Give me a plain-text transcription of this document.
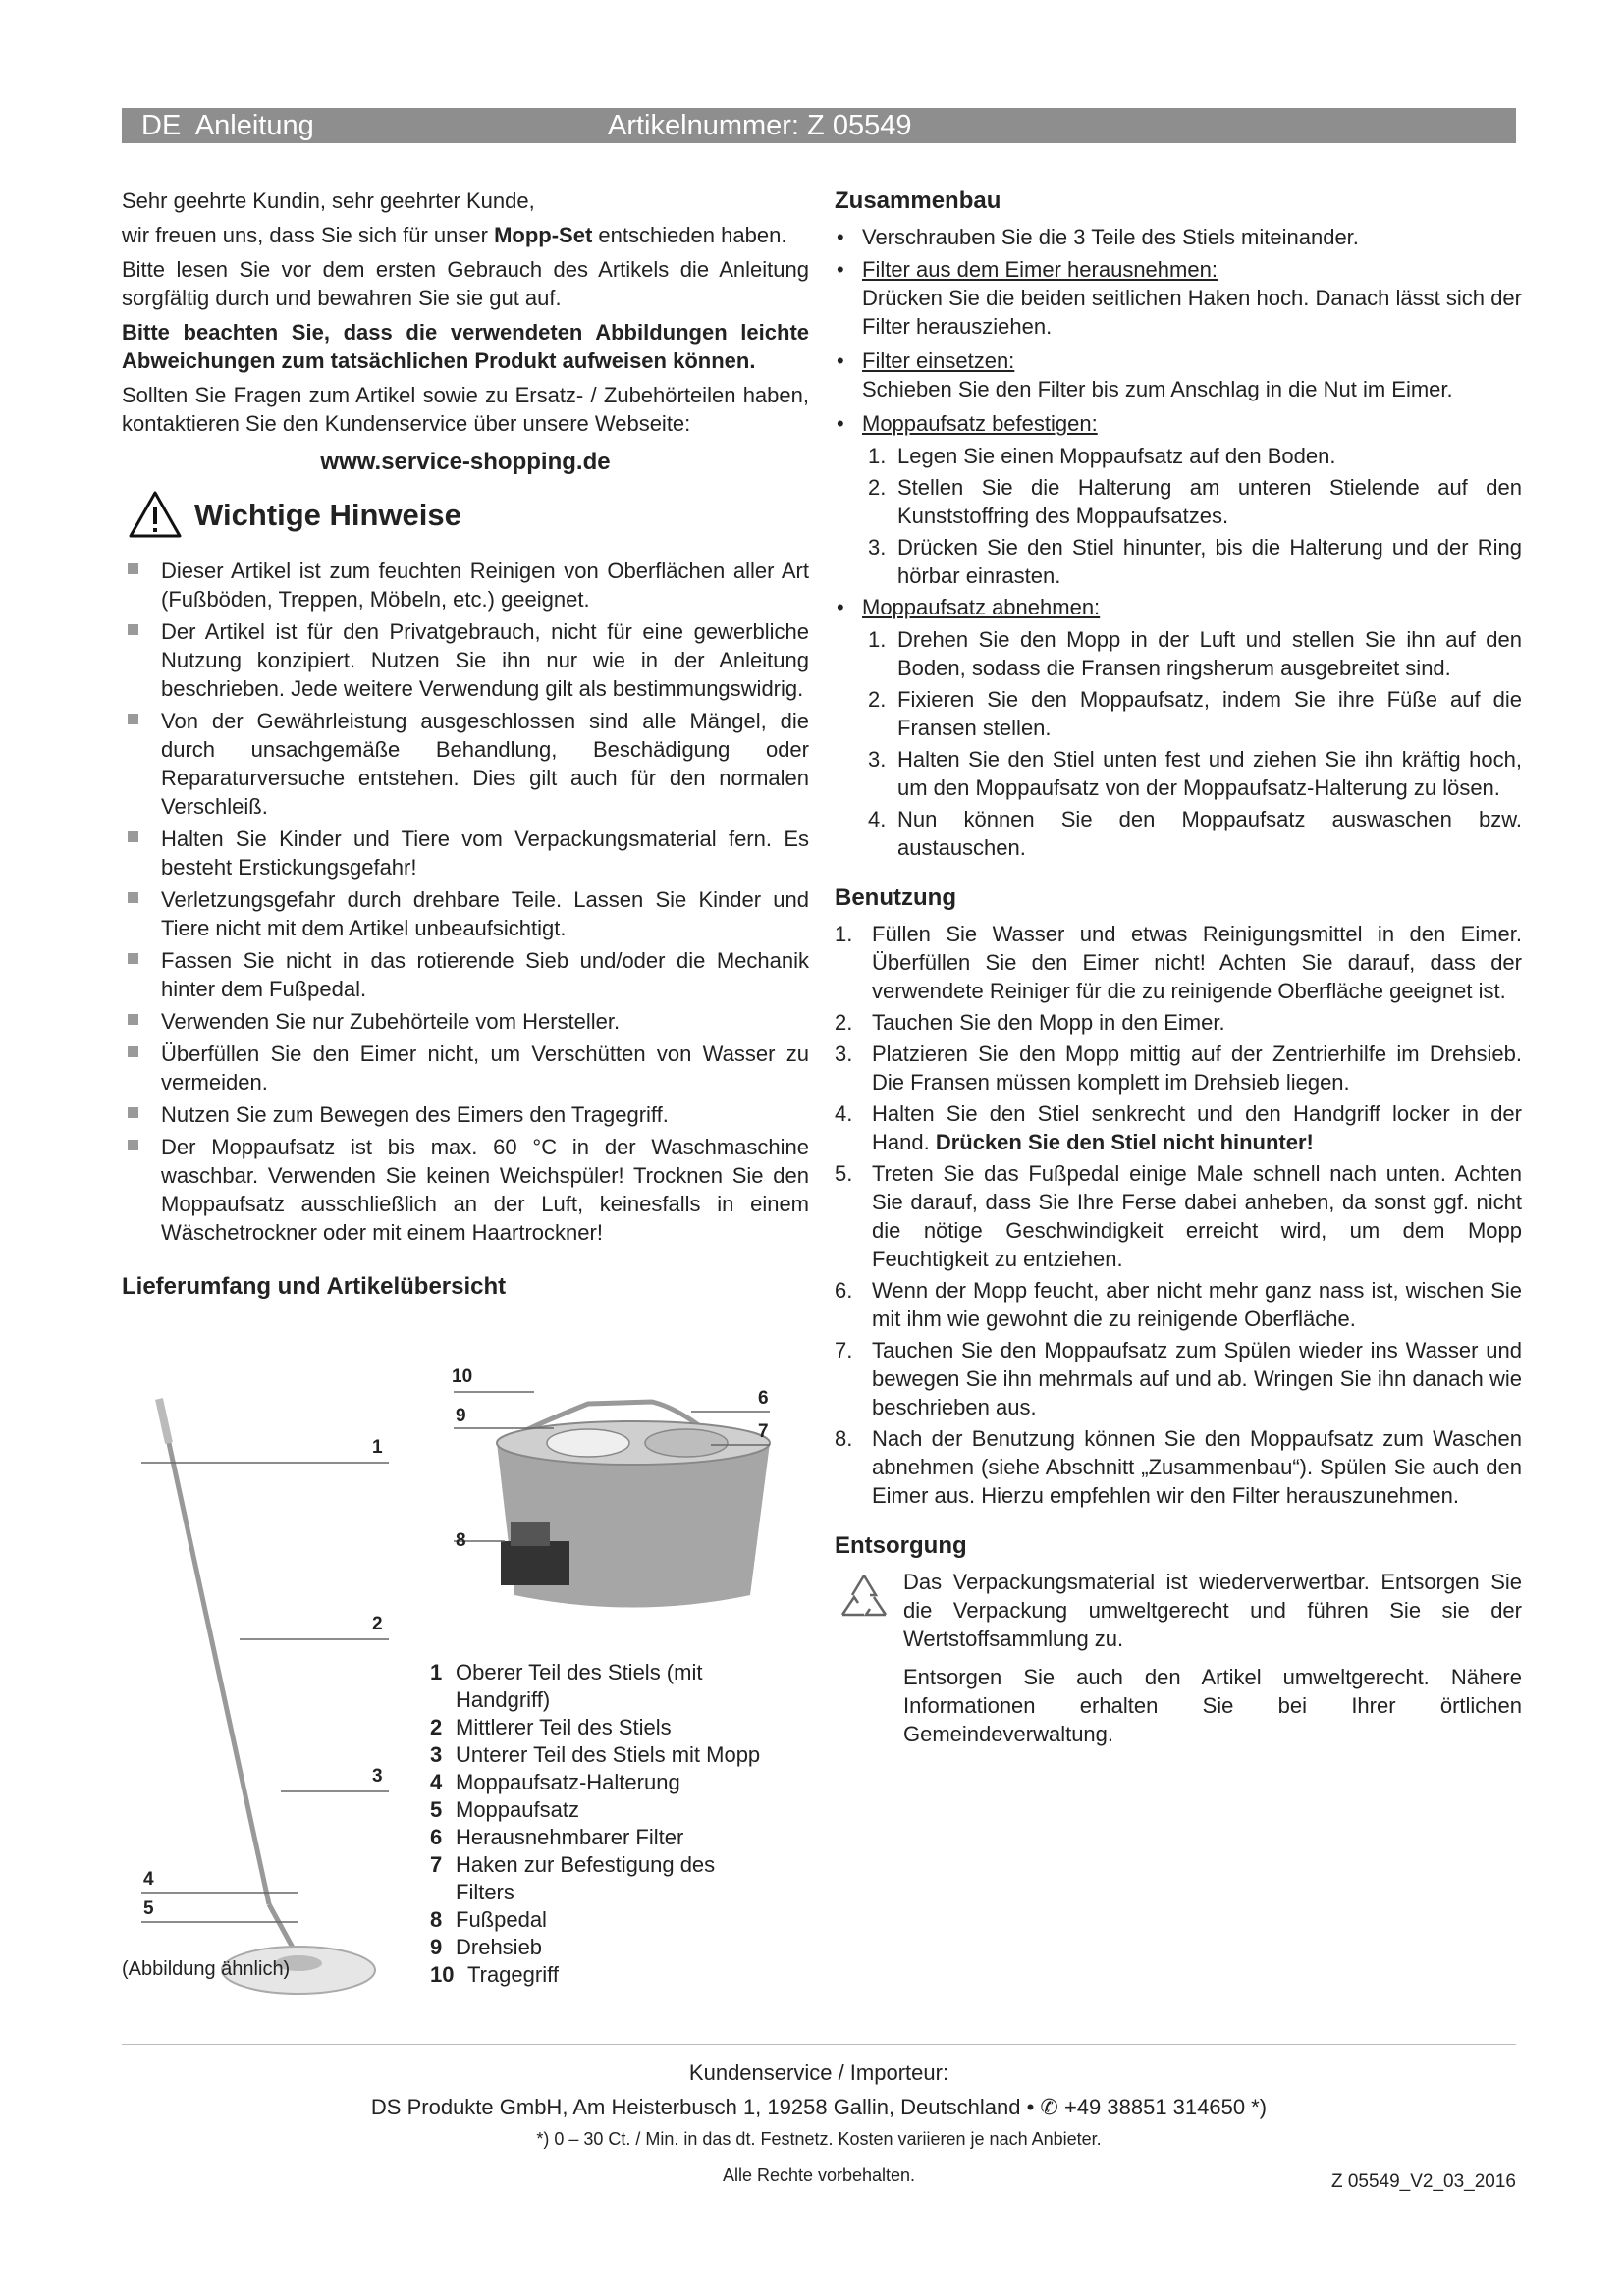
DE  Anleitung	Artikelnummer: Z 05549

Sehr geehrte Kundin, sehr geehrter Kunde,

wir freuen uns, dass Sie sich für unser Mopp-Set entschieden haben.

Bitte lesen Sie vor dem ersten Gebrauch des Artikels die Anleitung sorgfältig durch und bewahren Sie sie gut auf.

Bitte beachten Sie, dass die verwendeten Abbildungen leichte Abweichungen zum tatsächlichen Produkt aufweisen können.

Sollten Sie Fragen zum Artikel sowie zu Ersatz- / Zubehörteilen haben, kontaktieren Sie den Kundenservice über unsere Webseite:

www.service-shopping.de
Wichtige Hinweise
Dieser Artikel ist zum feuchten Reinigen von Oberflächen aller Art (Fußböden, Treppen, Möbeln, etc.) geeignet.
Der Artikel ist für den Privatgebrauch, nicht für eine gewerbliche Nutzung konzipiert. Nutzen Sie ihn nur wie in der Anleitung beschrieben. Jede weitere Verwendung gilt als bestimmungswidrig.
Von der Gewährleistung ausgeschlossen sind alle Mängel, die durch unsachgemäße Behandlung, Beschädigung oder Reparaturversuche entstehen. Dies gilt auch für den normalen Verschleiß.
Halten Sie Kinder und Tiere vom Verpackungsmaterial fern. Es besteht Erstickungsgefahr!
Verletzungsgefahr durch drehbare Teile. Lassen Sie Kinder und Tiere nicht mit dem Artikel unbeaufsichtigt.
Fassen Sie nicht in das rotierende Sieb und/oder die Mechanik hinter dem Fußpedal.
Verwenden Sie nur Zubehörteile vom Hersteller.
Überfüllen Sie den Eimer nicht, um Verschütten von Wasser zu vermeiden.
Nutzen Sie zum Bewegen des Eimers den Tragegriff.
Der Moppaufsatz ist bis max. 60 °C in der Waschmaschine waschbar. Verwenden Sie keinen Weichspüler! Trocknen Sie den Moppaufsatz ausschließlich an der Luft, keinesfalls in einem Wäschetrockner oder mit einem Haartrockner!
Lieferumfang und Artikelübersicht
1
2
3
4
5
6
7
8
9
10
(Abbildung ähnlich)
1 Oberer Teil des Stiels (mit Handgriff)
2 Mittlerer Teil des Stiels
3 Unterer Teil des Stiels mit Mopp
4 Moppaufsatz-Halterung
5 Moppaufsatz
6 Herausnehmbarer Filter
7 Haken zur Befestigung des Filters
8 Fußpedal
9 Drehsieb
10 Tragegriff
Zusammenbau
• Verschrauben Sie die 3 Teile des Stiels miteinander.
• Filter aus dem Eimer herausnehmen:

Drücken Sie die beiden seitlichen Haken hoch. Danach lässt sich der Filter herausziehen.

• Filter einsetzen:

Schieben Sie den Filter bis zum Anschlag in die Nut im Eimer.

• Moppaufsatz befestigen:
1. Legen Sie einen Moppaufsatz auf den Boden.
2. Stellen Sie die Halterung am unteren Stielende auf den Kunststoffring des Moppaufsatzes.
3. Drücken Sie den Stiel hinunter, bis die Halterung und der Ring hörbar einrasten.
• Moppaufsatz abnehmen:
1. Drehen Sie den Mopp in der Luft und stellen Sie ihn auf den Boden, sodass die Fransen ringsherum ausgebreitet sind.
2. Fixieren Sie den Moppaufsatz, indem Sie ihre Füße auf die Fransen stellen.
3. Halten Sie den Stiel unten fest und ziehen Sie ihn kräftig hoch, um den Moppaufsatz von der Moppaufsatz-Halterung zu lösen.
4. Nun können Sie den Moppaufsatz auswaschen bzw. austauschen.
Benutzung
1. Füllen Sie Wasser und etwas Reinigungsmittel in den Eimer. Überfüllen Sie den Eimer nicht! Achten Sie darauf, dass der verwendete Reiniger für die zu reinigende Oberfläche geeignet ist.
2. Tauchen Sie den Mopp in den Eimer.
3. Platzieren Sie den Mopp mittig auf der Zentrierhilfe im Drehsieb. Die Fransen müssen komplett im Drehsieb liegen.
4. Halten Sie den Stiel senkrecht und den Handgriff locker in der Hand. Drücken Sie den Stiel nicht hinunter!
5. Treten Sie das Fußpedal einige Male schnell nach unten. Achten Sie darauf, dass Sie Ihre Ferse dabei anheben, da sonst ggf. nicht die nötige Geschwindigkeit erreicht wird, um dem Mopp Feuchtigkeit zu entziehen.
6. Wenn der Mopp feucht, aber nicht mehr ganz nass ist, wischen Sie mit ihm wie gewohnt die zu reinigende Oberfläche.
7. Tauchen Sie den Moppaufsatz zum Spülen wieder ins Wasser und bewegen Sie ihn mehrmals auf und ab. Wringen Sie ihn danach wie beschrieben aus.
8. Nach der Benutzung können Sie den Moppaufsatz zum Waschen abnehmen (siehe Abschnitt „Zusammenbau“). Spülen Sie auch den Eimer aus. Hierzu empfehlen wir den Filter herauszunehmen.
Entsorgung

Das Verpackungsmaterial ist wiederverwertbar. Entsorgen Sie die Verpackung umweltgerecht und führen Sie sie der Wertstoffsammlung zu.

Entsorgen Sie auch den Artikel umweltgerecht. Nähere Informationen erhalten Sie bei Ihrer örtlichen Gemeindeverwaltung.

Kundenservice / Importeur:
DS Produkte GmbH, Am Heisterbusch 1, 19258 Gallin, Deutschland • ✆ +49 38851 314650 *)
*) 0 – 30 Ct. / Min. in das dt. Festnetz. Kosten variieren je nach Anbieter.
Alle Rechte vorbehalten.	Z 05549_V2_03_2016
